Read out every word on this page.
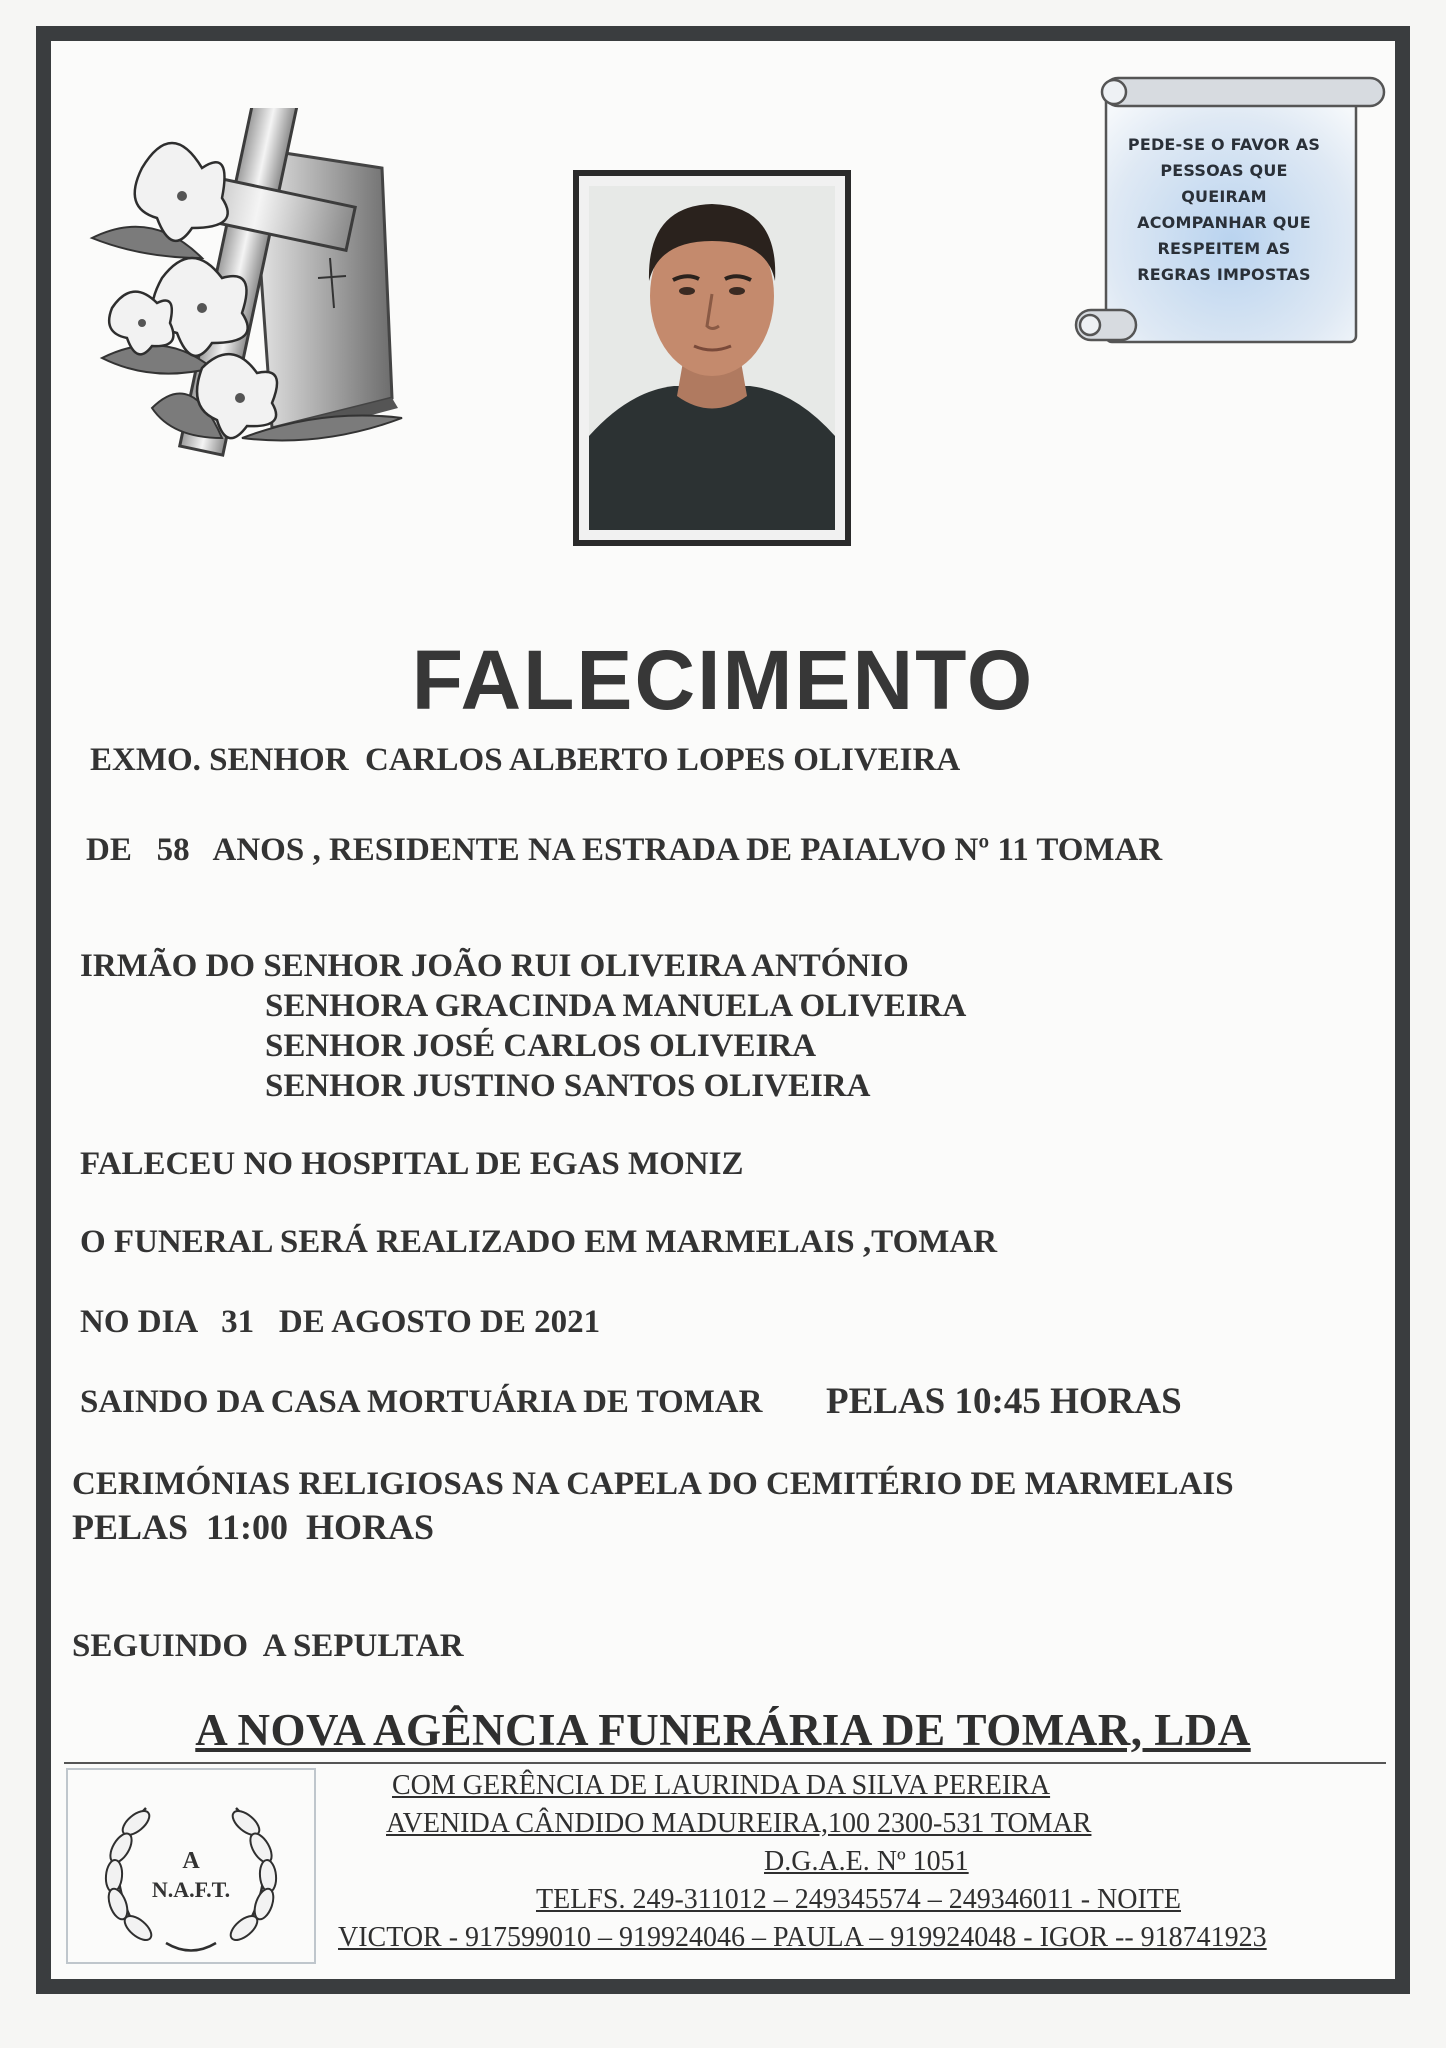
PEDE-SE O FAVOR AS
PESSOAS QUE
QUEIRAM
ACOMPANHAR QUE
RESPEITEM AS
REGRAS IMPOSTAS
FALECIMENTO
EXMO. SENHOR  CARLOS ALBERTO LOPES OLIVEIRA
DE   58   ANOS , RESIDENTE NA ESTRADA DE PAIALVO Nº 11 TOMAR
IRMÃO DO SENHOR JOÃO RUI OLIVEIRA ANTÓNIO
SENHORA GRACINDA MANUELA OLIVEIRA
SENHOR JOSÉ CARLOS OLIVEIRA
SENHOR JUSTINO SANTOS OLIVEIRA
FALECEU NO HOSPITAL DE EGAS MONIZ
O FUNERAL SERÁ REALIZADO EM MARMELAIS ,TOMAR
NO DIA   31   DE AGOSTO DE 2021
SAINDO DA CASA MORTUÁRIA DE TOMAR PELAS 10:45 HORAS
CERIMÓNIAS RELIGIOSAS NA CAPELA DO CEMITÉRIO DE MARMELAIS
PELAS  11:00  HORAS
SEGUINDO  A SEPULTAR
A NOVA AGÊNCIA FUNERÁRIA DE TOMAR, LDA
A
N.A.F.T.
COM GERÊNCIA DE LAURINDA DA SILVA PEREIRA
AVENIDA CÂNDIDO MADUREIRA,100 2300-531 TOMAR
D.G.A.E. Nº 1051
TELFS. 249-311012 – 249345574 – 249346011 - NOITE
VICTOR - 917599010 – 919924046 – PAULA – 919924048 - IGOR -- 918741923
